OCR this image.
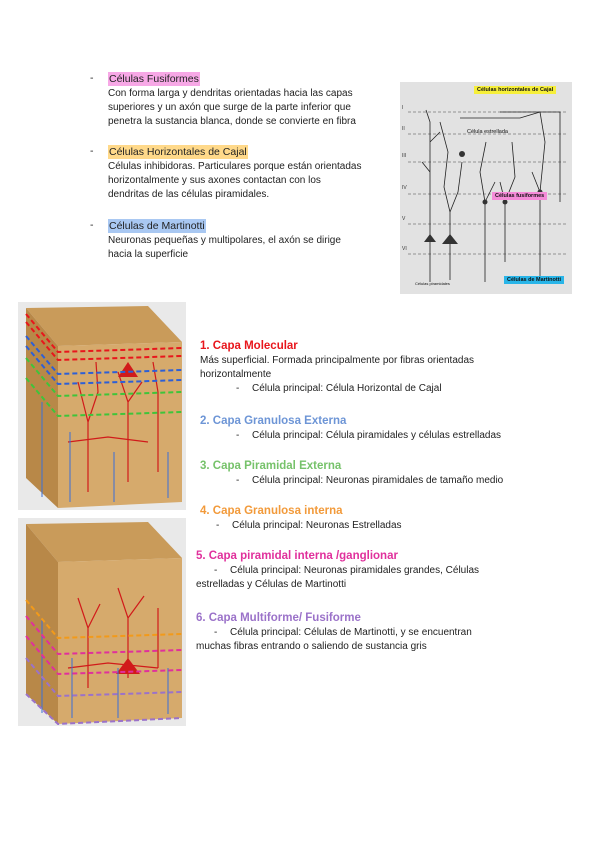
- Células Fusiformes
Con forma larga y dendritas orientadas hacia las capas
superiores y un axón que surge de la parte inferior que
penetra la sustancia blanca, donde se convierte en fibra
- Células Horizontales de Cajal
Células inhibidoras. Particulares porque están orientadas
horizontalmente y sus axones contactan con los
dendritas de las células piramidales.
- Células de Martinotti
Neuronas pequeñas y multipolares, el axón se dirige
hacia la superficie
I
II
III
IV
V
VI
Células horizontales de Cajal
Célula estrellada
Células fusiformes
Células de Martinotti
Células piramidales
1. Capa Molecular
Más superficial. Formada principalmente por fibras orientadas
horizontalmente
- Célula principal: Célula Horizontal de Cajal
2. Capa Granulosa Externa
- Célula principal: Célula piramidales y células estrelladas
3. Capa Piramidal Externa
- Célula principal: Neuronas piramidales de tamaño medio
4. Capa Granulosa interna
- Célula principal: Neuronas Estrelladas
5. Capa piramidal interna /ganglionar
- Célula principal: Neuronas piramidales grandes, Células
estrelladas y Células de Martinotti
6. Capa Multiforme/ Fusiforme
- Célula principal: Células de Martinotti, y se encuentran
muchas fibras entrando o saliendo de sustancia gris
